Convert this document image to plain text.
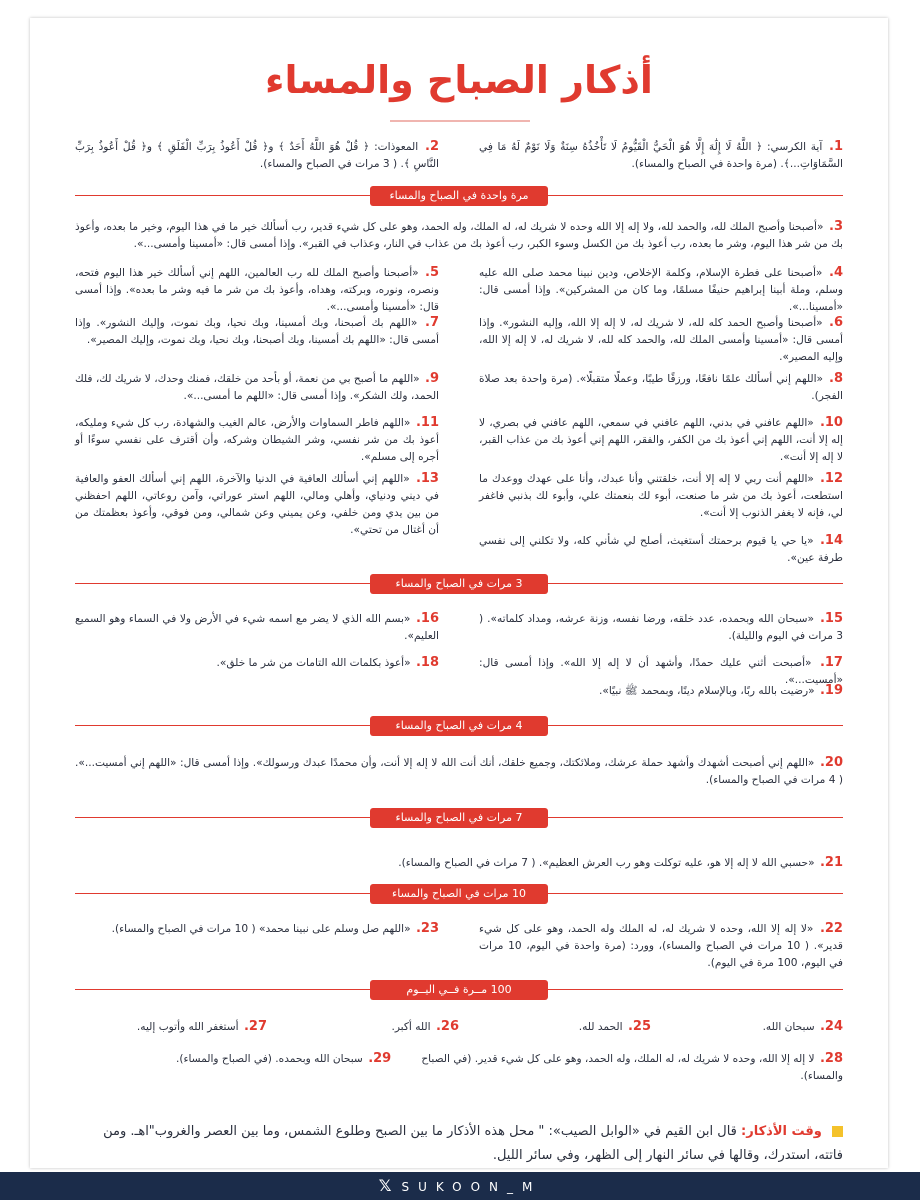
أذكار الصباح والمساء
1. آية الكرسي: ﴿ اللَّهُ لَا إِلَٰهَ إِلَّا هُوَ الْحَيُّ الْقَيُّومُ لَا تَأْخُذُهُ سِنَةٌ وَلَا نَوْمٌ لَهُ مَا فِي السَّمَاوَاتِ...﴾. (مرة واحدة في الصباح والمساء).
2. المعوذات: ﴿ قُلْ هُوَ اللَّهُ أَحَدٌ ﴾ و﴿ قُلْ أَعُوذُ بِرَبِّ الْفَلَقِ ﴾ و﴿ قُلْ أَعُوذُ بِرَبِّ النَّاسِ ﴾. ( 3 مرات في الصباح والمساء).
مرة واحدة في الصباح والمساء
3. «أصبحنا وأصبح الملك لله، والحمد لله، ولا إله إلا الله وحده لا شريك له، له الملك، وله الحمد، وهو على كل شيء قدير، رب أسألك خير ما في هذا اليوم، وخير ما بعده، وأعوذ بك من شر هذا اليوم، وشر ما بعده، رب أعوذ بك من الكسل وسوء الكبر، رب أعوذ بك من عذاب في النار، وعذاب في القبر». وإذا أمسى قال: «أمسينا وأمسى...».
4. «أصبحنا على فطرة الإسلام، وكلمة الإخلاص، ودين نبينا محمد صلى الله عليه وسلم، وملة أبينا إبراهيم حنيفًا مسلمًا، وما كان من المشركين». وإذا أمسى قال: «أمسينا...».
5. «أصبحنا وأصبح الملك لله رب العالمين، اللهم إني أسألك خير هذا اليوم فتحه، ونصره، ونوره، وبركته، وهداه، وأعوذ بك من شر ما فيه وشر ما بعده». وإذا أمسى قال: «أمسينا وأمسى...».
6. «أصبحنا وأصبح الحمد كله لله، لا شريك له، لا إله إلا الله، وإليه النشور». وإذا أمسى قال: «أمسينا وأمسى الملك لله، والحمد كله لله، لا شريك له، لا إله إلا الله، وإليه المصير».
7. «اللهم بك أصبحنا، وبك أمسينا، وبك نحيا، وبك نموت، وإليك النشور». وإذا أمسى قال: «اللهم بك أمسينا، وبك أصبحنا، وبك نحيا، وبك نموت، وإليك المصير».
8. «اللهم إني أسألك علمًا نافعًا، ورزقًا طيبًا، وعملًا متقبلًا». (مرة واحدة بعد صلاة الفجر).
9. «اللهم ما أصبح بي من نعمة، أو بأحد من خلقك، فمنك وحدك، لا شريك لك، فلك الحمد، ولك الشكر». وإذا أمسى قال: «اللهم ما أمسى...».
10. «اللهم عافني في بدني، اللهم عافني في سمعي، اللهم عافني في بصري، لا إله إلا أنت، اللهم إني أعوذ بك من الكفر، والفقر، اللهم إني أعوذ بك من عذاب القبر، لا إله إلا أنت».
11. «اللهم فاطر السماوات والأرض، عالم الغيب والشهادة، رب كل شيء ومليكه، أعوذ بك من شر نفسي، وشر الشيطان وشركه، وأن أقترف على نفسي سوءًا أو أجره إلى مسلم».
12. «اللهم أنت ربي لا إله إلا أنت، خلقتني وأنا عبدك، وأنا على عهدك ووعدك ما استطعت، أعوذ بك من شر ما صنعت، أبوء لك بنعمتك علي، وأبوء لك بذنبي فاغفر لي، فإنه لا يغفر الذنوب إلا أنت».
13. «اللهم إني أسألك العافية في الدنيا والآخرة، اللهم إني أسألك العفو والعافية في ديني ودنياي، وأهلي ومالي، اللهم استر عوراتي، وآمن روعاتي، اللهم احفظني من بين يدي ومن خلفي، وعن يميني وعن شمالي، ومن فوقي، وأعوذ بعظمتك من أن أغتال من تحتي».
14. «يا حي يا قيوم برحمتك أستغيث، أصلح لي شأني كله، ولا تكلني إلى نفسي طرفة عين».
3 مرات في الصباح والمساء
15. «سبحان الله وبحمده، عدد خلقه، ورضا نفسه، وزنة عرشه، ومداد كلماته». ( 3 مرات في اليوم والليلة).
16. «بسم الله الذي لا يضر مع اسمه شيء في الأرض ولا في السماء وهو السميع العليم».
17. «أصبحت أثني عليك حمدًا، وأشهد أن لا إله إلا الله». وإذا أمسى قال: «أمسيت...».
18. «أعوذ بكلمات الله التامات من شر ما خلق».
19. «رضيت بالله ربًا، وبالإسلام دينًا، وبمحمد ﷺ نبيًا».
4 مرات في الصباح والمساء
20. «اللهم إني أصبحت أشهدك وأشهد حملة عرشك، وملائكتك، وجميع خلقك، أنك أنت الله لا إله إلا أنت، وأن محمدًا عبدك ورسولك». وإذا أمسى قال: «اللهم إني أمسيت...». ( 4 مرات في الصباح والمساء).
7 مرات في الصباح والمساء
21. «حسبي الله لا إله إلا هو، عليه توكلت وهو رب العرش العظيم». ( 7 مرات في الصباح والمساء).
10 مرات في الصباح والمساء
22. «لا إله إلا الله، وحده لا شريك له، له الملك وله الحمد، وهو على كل شيء قدير». ( 10 مرات في الصباح والمساء)، وورد: (مرة واحدة في اليوم، 10 مرات في اليوم، 100 مرة في اليوم).
23. «اللهم صل وسلم على نبينا محمد» ( 10 مرات في الصباح والمساء).
100 مــرة فــي اليــوم
24. سبحان الله.
25. الحمد لله.
26. الله أكبر.
27. أستغفر الله وأتوب إليه.
28. لا إله إلا الله، وحده لا شريك له، له الملك، وله الحمد، وهو على كل شيء قدير. (في الصباح والمساء).
29. سبحان الله وبحمده. (في الصباح والمساء).
وقت الأذكار: قال ابن القيم في «الوابل الصيب»: " محل هذه الأذكار ما بين الصبح وطلوع الشمس، وما بين العصر والغروب"اهـ. ومن فاتته، استدرك، وقالها في سائر النهار إلى الظهر، وفي سائر الليل.
𝕏 SUKOON_M
